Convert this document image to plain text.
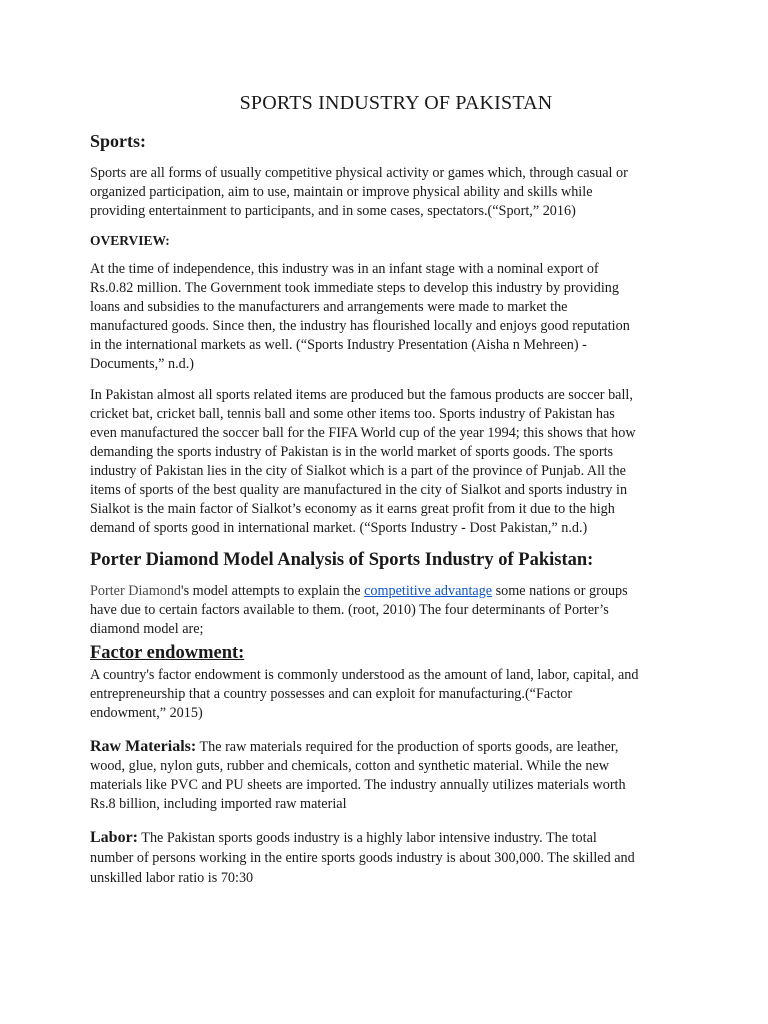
SPORTS INDUSTRY OF PAKISTAN
Sports:

Sports are all forms of usually competitive physical activity or games which, through casual or
organized participation, aim to use, maintain or improve physical ability and skills while
providing entertainment to participants, and in some cases, spectators.(“Sport,” 2016)

OVERVIEW:

At the time of independence, this industry was in an infant stage with a nominal export of
Rs.0.82 million. The Government took immediate steps to develop this industry by providing
loans and subsidies to the manufacturers and arrangements were made to market the
manufactured goods. Since then, the industry has flourished locally and enjoys good reputation
in the international markets as well. (“Sports Industry Presentation (Aisha n Mehreen) -
Documents,” n.d.)

In Pakistan almost all sports related items are produced but the famous products are soccer ball,
cricket bat, cricket ball, tennis ball and some other items too. Sports industry of Pakistan has
even manufactured the soccer ball for the FIFA World cup of the year 1994; this shows that how
demanding the sports industry of Pakistan is in the world market of sports goods. The sports
industry of Pakistan lies in the city of Sialkot which is a part of the province of Punjab. All the
items of sports of the best quality are manufactured in the city of Sialkot and sports industry in
Sialkot is the main factor of Sialkot’s economy as it earns great profit from it due to the high
demand of sports good in international market. (“Sports Industry - Dost Pakistan,” n.d.)

Porter Diamond Model Analysis of Sports Industry of Pakistan:

Porter Diamond's model attempts to explain the competitive advantage some nations or groups
have due to certain factors available to them. (root, 2010) The four determinants of Porter’s
diamond model are;

Factor endowment:

A country's factor endowment is commonly understood as the amount of land, labor, capital, and
entrepreneurship that a country possesses and can exploit for manufacturing.(“Factor
endowment,” 2015)

Raw Materials: The raw materials required for the production of sports goods, are leather,
wood, glue, nylon guts, rubber and chemicals, cotton and synthetic material. While the new
materials like PVC and PU sheets are imported. The industry annually utilizes materials worth
Rs.8 billion, including imported raw material

Labor: The Pakistan sports goods industry is a highly labor intensive industry. The total
number of persons working in the entire sports goods industry is about 300,000. The skilled and
unskilled labor ratio is 70:30
